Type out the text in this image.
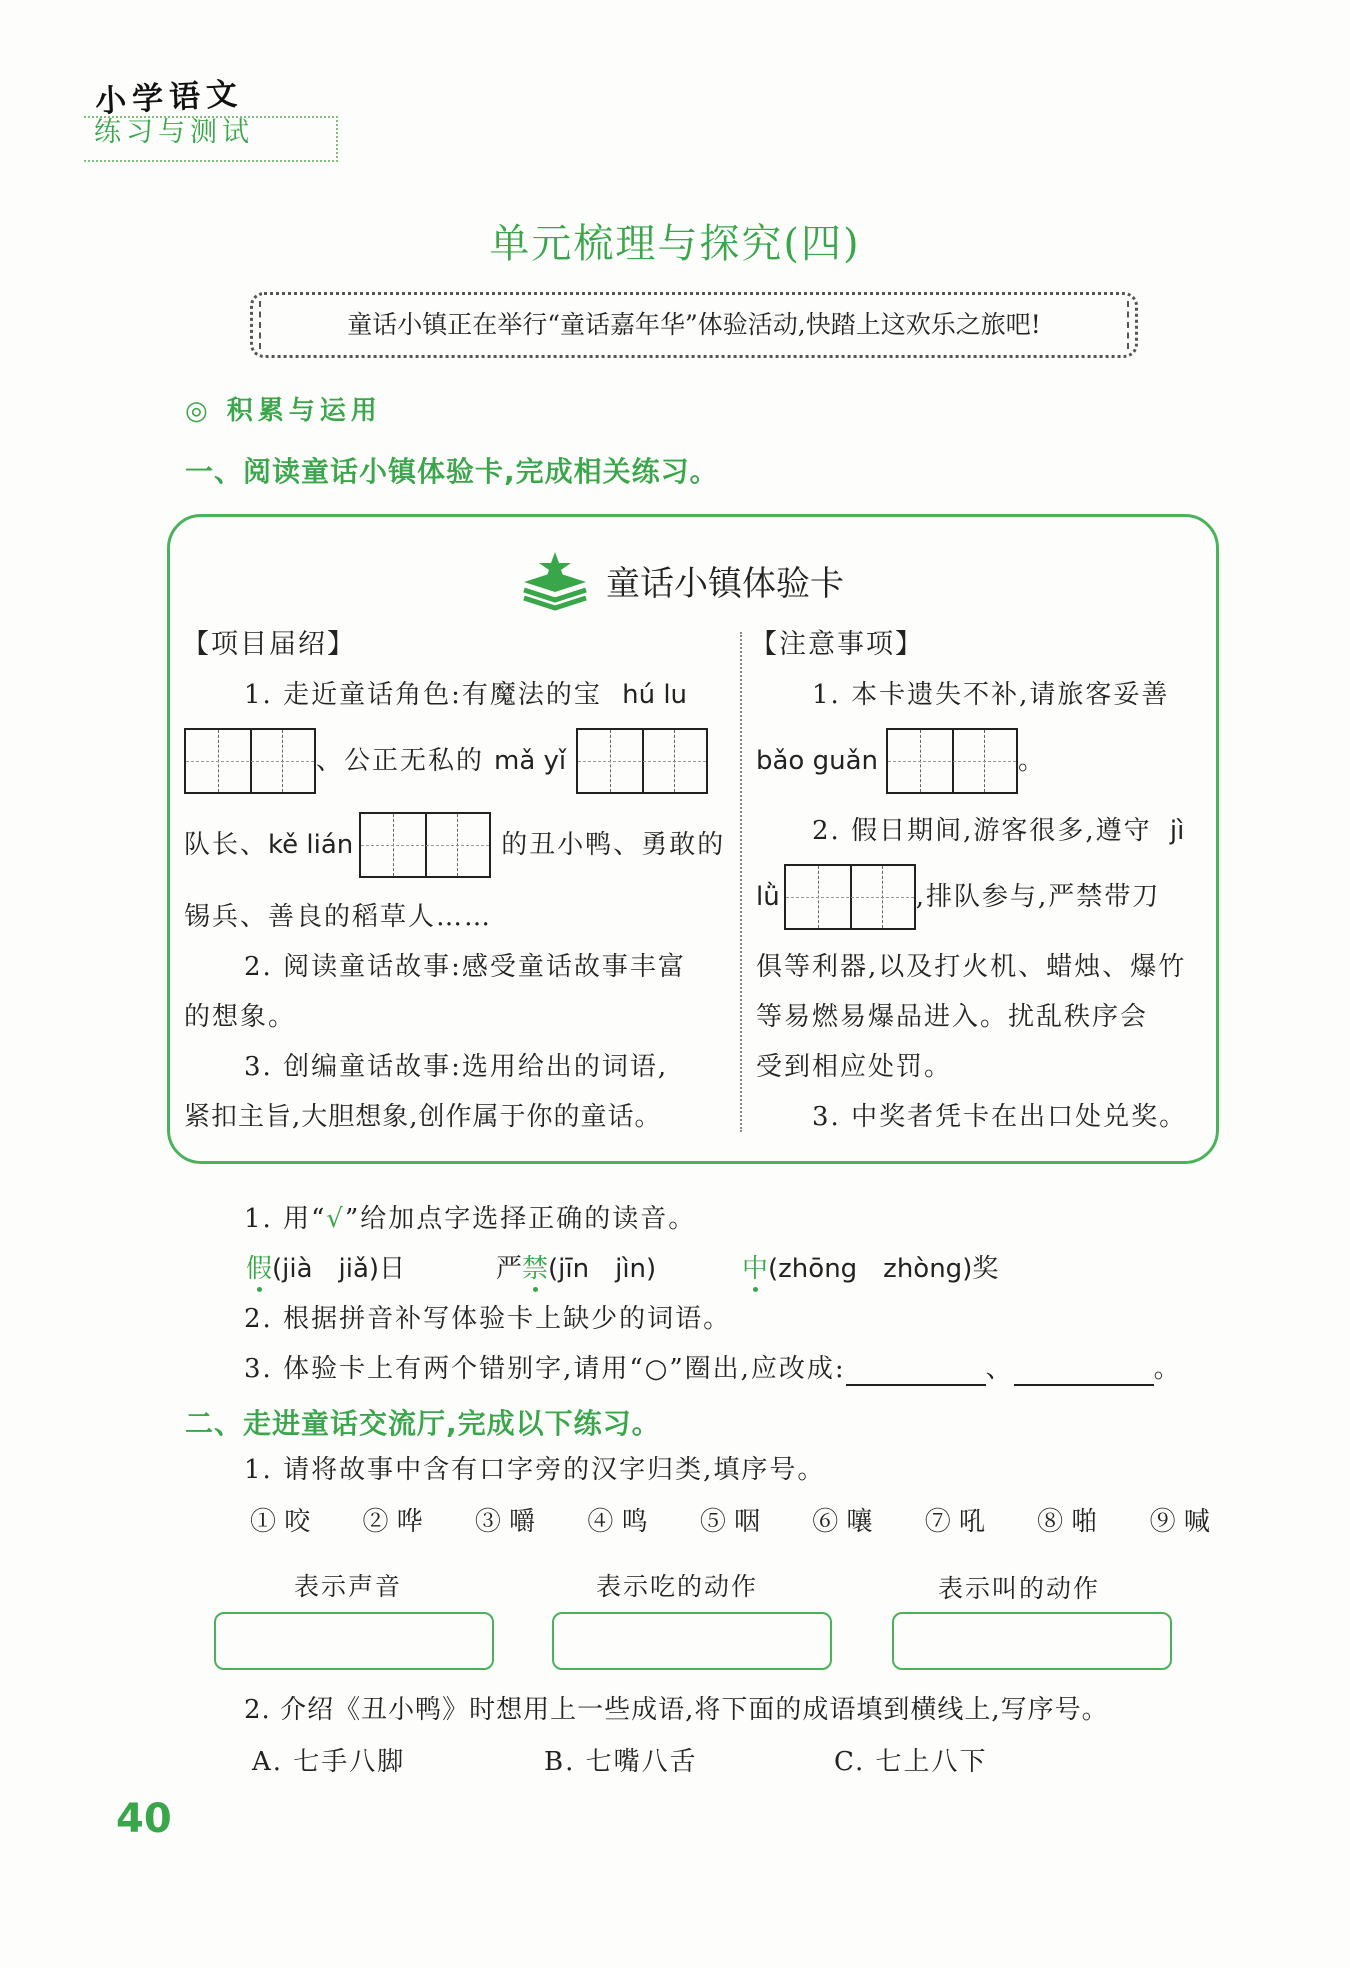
小学语文
练习与测试
单元梳理与探究(四)
童话小镇正在举行“童话嘉年华”体验活动,快踏上这欢乐之旅吧!
◎ 积累与运用
一、阅读童话小镇体验卡,完成相关练习。
童话小镇体验卡
【项目届绍】
1. 走近童话角色:有魔法的宝 hú lu
、公正无私的 mǎ yǐ
队长、 kě lián	的丑小鸭、勇敢的
锡兵、善良的稻草人……
2. 阅读童话故事:感受童话故事丰富
的想象。
3. 创编童话故事:选用给出的词语,
紧扣主旨,大胆想象,创作属于你的童话。
【注意事项】
1. 本卡遗失不补,请旅客妥善
bǎo guǎn	。
2. 假日期间,游客很多,遵守 jì
lǜ	,排队参与,严禁带刀
俱等利器,以及打火机、蜡烛、爆竹
等易燃易爆品进入。扰乱秩序会
受到相应处罚。
3. 中奖者凭卡在出口处兑奖。
1. 用“√”给加点字选择正确的读音。
假(jià　jiǎ)日	严禁(jīn　jìn)	中(zhōng　zhòng)奖
2. 根据拼音补写体验卡上缺少的词语。
3. 体验卡上有两个错别字,请用“○”圈出,应改成:	、	。
二、走进童话交流厅,完成以下练习。
1. 请将故事中含有口字旁的汉字归类,填序号。
① 咬 ② 哗 ③ 嚼 ④ 鸣 ⑤ 咽 ⑥ 嚷 ⑦ 吼 ⑧ 啪 ⑨ 喊
表示声音	表示吃的动作	表示叫的动作
2. 介绍《丑小鸭》时想用上一些成语,将下面的成语填到横线上,写序号。
A. 七手八脚	B. 七嘴八舌	C. 七上八下
40
